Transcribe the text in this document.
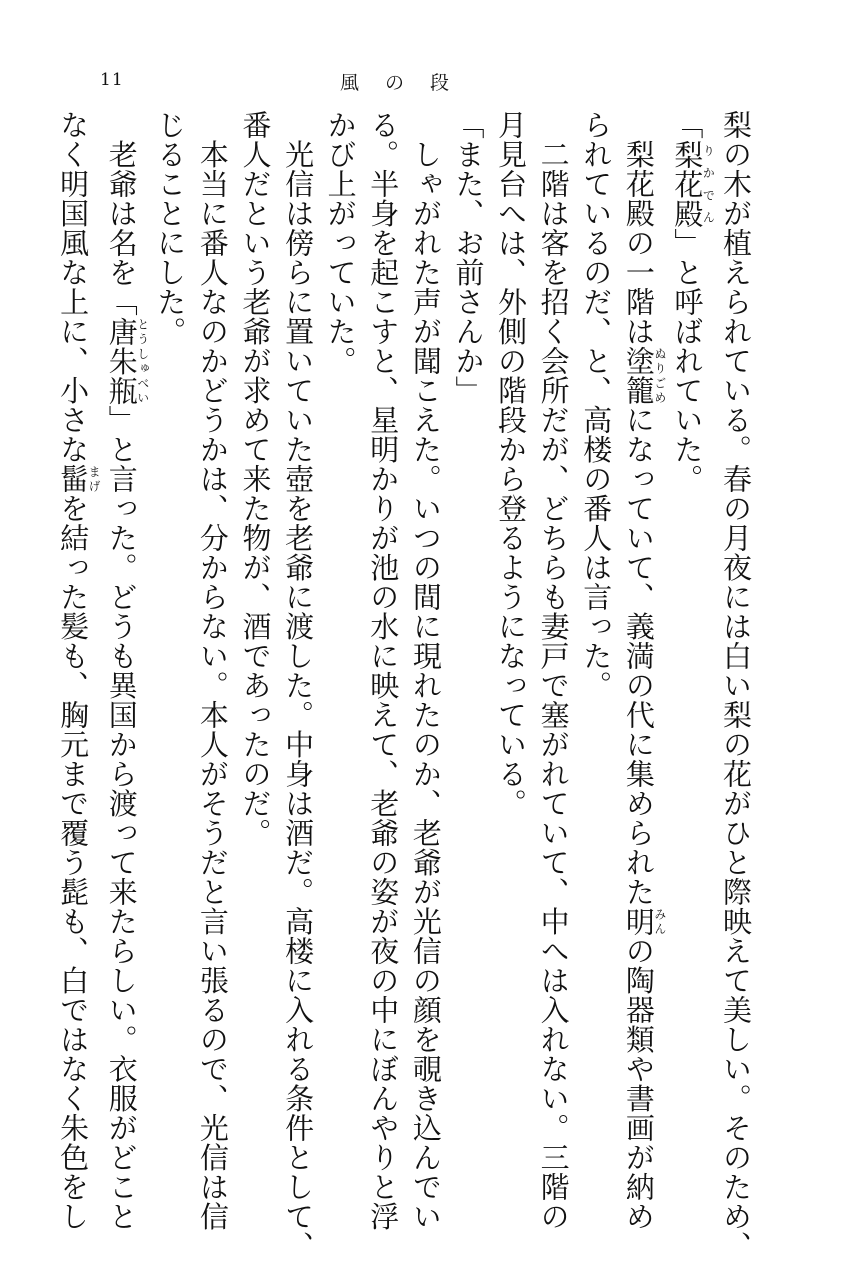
11	風の段
梨の木が植えられている。春の月夜には白い梨の花がひと際映えて美しい。そのため、
「梨花殿りかでん」と呼ばれていた。
　梨花殿の一階は塗籠ぬりごめになっていて、義満の代に集められた明みんの陶器類や書画が納め
られているのだ、と、高楼の番人は言った。
　二階は客を招く会所だが、どちらも妻戸で塞がれていて、中へは入れない。三階の
月見台へは、外側の階段から登るようになっている。
「また、お前さんか」
　しゃがれた声が聞こえた。いつの間に現れたのか、老爺が光信の顔を覗き込んでい
る。半身を起こすと、星明かりが池の水に映えて、老爺の姿が夜の中にぼんやりと浮
かび上がっていた。
　光信は傍らに置いていた壺を老爺に渡した。中身は酒だ。高楼に入れる条件として、
番人だという老爺が求めて来た物が、酒であったのだ。
　本当に番人なのかどうかは、分からない。本人がそうだと言い張るので、光信は信
じることにした。
　老爺は名を「唐朱瓶とうしゅべい」と言った。どうも異国から渡って来たらしい。衣服がどこと
なく明国風な上に、小さな髷まげを結った髪も、胸元まで覆う髭も、白ではなく朱色をし
